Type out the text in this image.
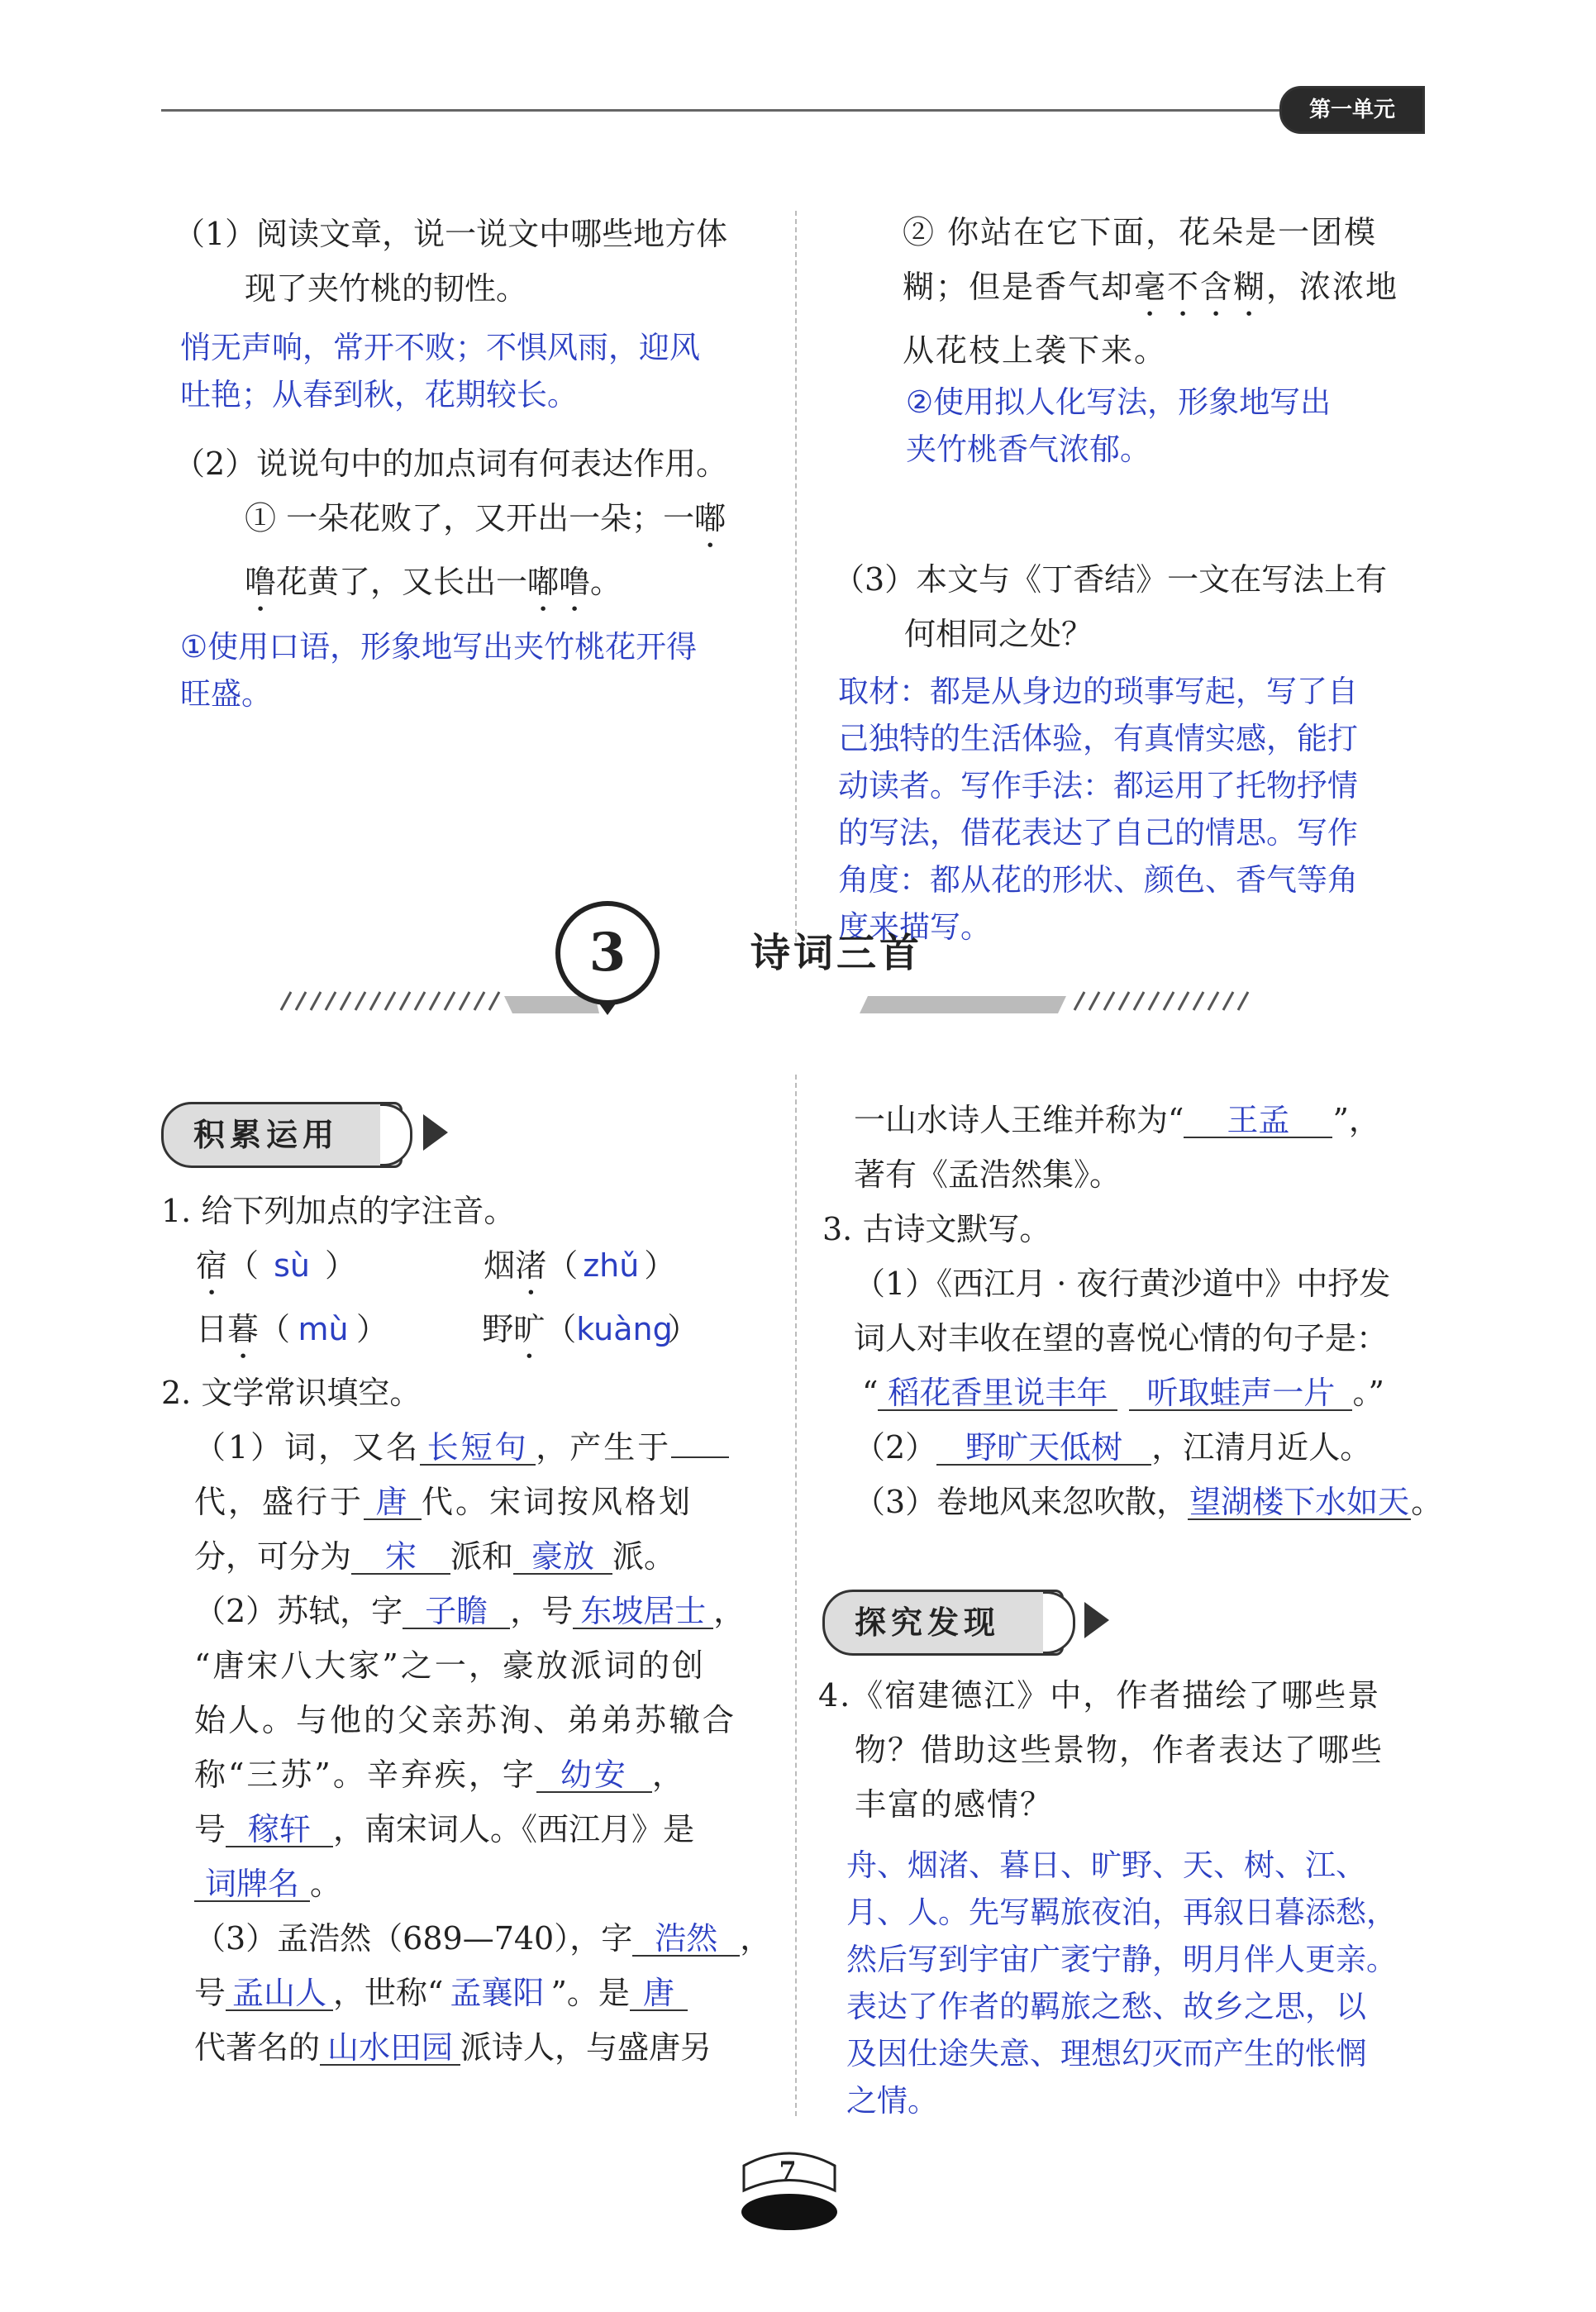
第一单元
（1）阅读文章，说一说文中哪些地方体
现了夹竹桃的韧性。
悄无声响，常开不败；不惧风雨，迎风
吐艳；从春到秋，花期较长。
（2）说说句中的加点词有何表达作用。
① 一朵花败了，又开出一朵；一嘟
噜花黄了，又长出一嘟噜。
①使用口语，形象地写出夹竹桃花开得
旺盛。
② 你站在它下面，花朵是一团模
糊；但是香气却毫不含糊，浓浓地
从花枝上袭下来。
②使用拟人化写法，形象地写出
夹竹桃香气浓郁。
（3）本文与《丁香结》一文在写法上有
何相同之处？
取材：都是从身边的琐事写起，写了自
己独特的生活体验，有真情实感，能打
动读者。写作手法：都运用了托物抒情
的写法，借花表达了自己的情思。写作
角度：都从花的形状、颜色、香气等角
度来描写。
3	诗词三首
积累运用
1. 给下列加点的字注音。
宿（ sù ）	烟渚（ zhǔ ）
日暮（ mù ）	野旷（kuàng）
2. 文学常识填空。
（1）词，又名 长短句 ，产生于
代，盛行于 唐 代。宋词按风格划
分，可分为 宋 派和 豪放 派。
（2）苏轼，字 子瞻 ，号 东坡居士 ，
“唐宋八大家”之一，豪放派词的创
始人。与他的父亲苏洵、弟弟苏辙合
称“三苏”。辛弃疾，字 幼安 ，
号 稼轩 ，南宋词人。《西江月》是
词牌名 。
（3）孟浩然（689—740），字 浩然 ，
号 孟山人 ，世称“ 孟襄阳 ”。是 唐
代著名的 山水田园 派诗人，与盛唐另
一山水诗人王维并称为“ 王孟 ”，
著有《孟浩然集》。
3. 古诗文默写。
（1）《西江月 · 夜行黄沙道中》中抒发
词人对丰收在望的喜悦心情的句子是：
“ 稻花香里说丰年 听取蛙声一片 。”
（2） 野旷天低树 ，江清月近人。
（3）卷地风来忽吹散，望湖楼下水如天。
探究发现
4.《宿建德江》中，作者描绘了哪些景
物？借助这些景物，作者表达了哪些
丰富的感情？
舟、烟渚、暮日、旷野、天、树、江、
月、人。先写羁旅夜泊，再叙日暮添愁，
然后写到宇宙广袤宁静，明月伴人更亲。
表达了作者的羁旅之愁、故乡之思，以
及因仕途失意、理想幻灭而产生的怅惘
之情。
7
